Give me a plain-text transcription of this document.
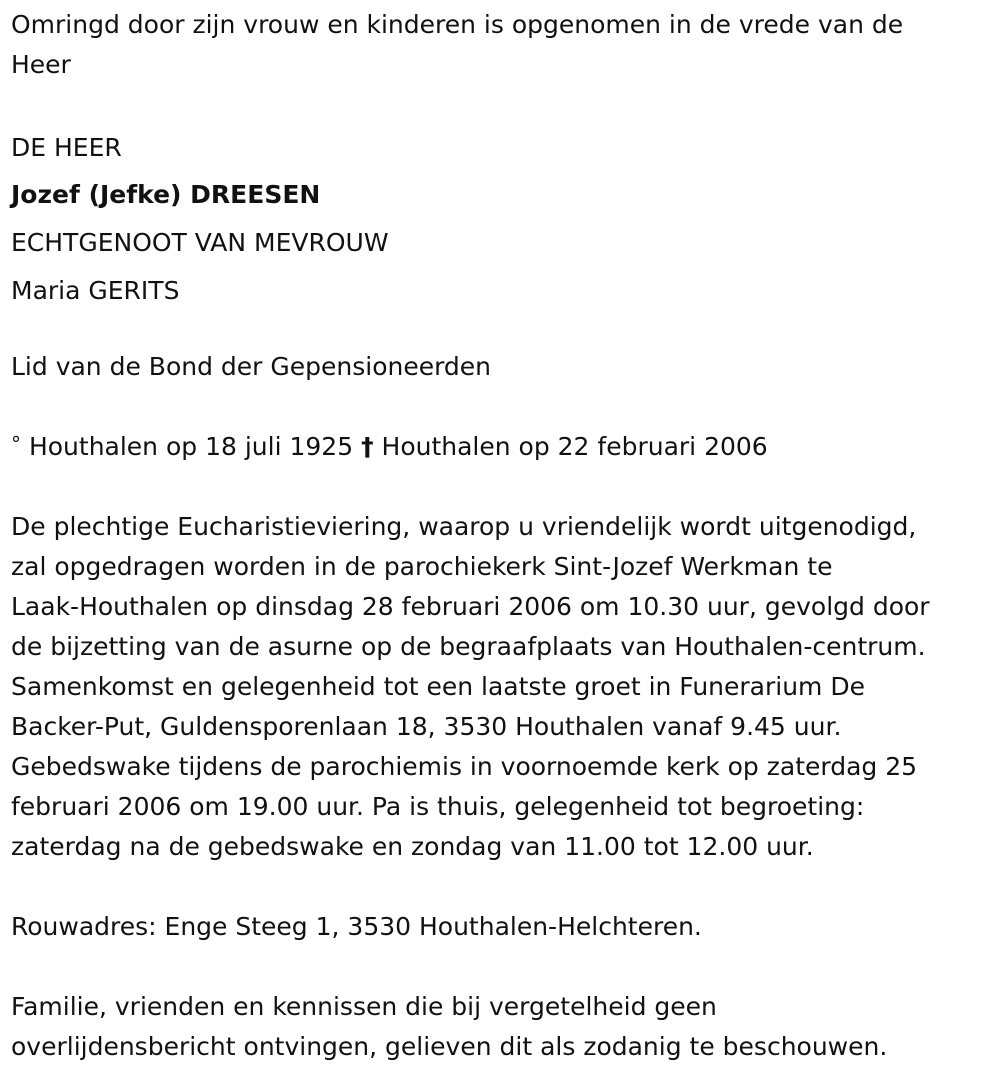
Omringd door zijn vrouw en kinderen is opgenomen in de vrede van de
Heer
DE HEER
Jozef (Jefke) DREESEN
ECHTGENOOT VAN MEVROUW
Maria GERITS
Lid van de Bond der Gepensioneerden
° Houthalen op 18 juli 1925 † Houthalen op 22 februari 2006
De plechtige Eucharistieviering, waarop u vriendelijk wordt uitgenodigd,
zal opgedragen worden in de parochiekerk Sint-Jozef Werkman te
Laak-Houthalen op dinsdag 28 februari 2006 om 10.30 uur, gevolgd door
de bijzetting van de asurne op de begraafplaats van Houthalen-centrum.
Samenkomst en gelegenheid tot een laatste groet in Funerarium De
Backer-Put, Guldensporenlaan 18, 3530 Houthalen vanaf 9.45 uur.
Gebedswake tijdens de parochiemis in voornoemde kerk op zaterdag 25
februari 2006 om 19.00 uur. Pa is thuis, gelegenheid tot begroeting:
zaterdag na de gebedswake en zondag van 11.00 tot 12.00 uur.
Rouwadres: Enge Steeg 1, 3530 Houthalen-Helchteren.
Familie, vrienden en kennissen die bij vergetelheid geen
overlijdensbericht ontvingen, gelieven dit als zodanig te beschouwen.
